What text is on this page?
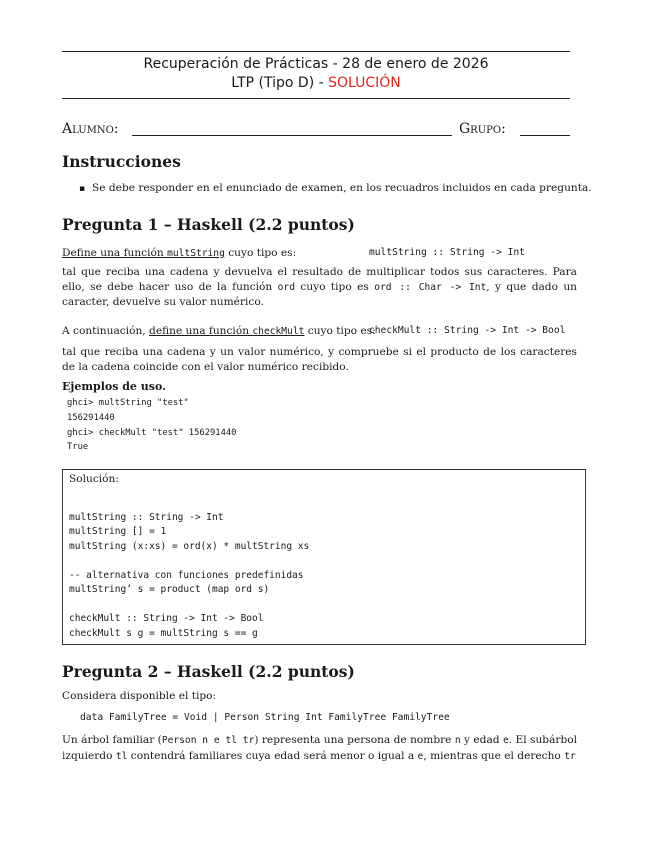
Recuperación de Prácticas - 28 de enero de 2026
LTP (Tipo D) - SOLUCIÓN
Alumno:	Grupo:
Instrucciones
▪ Se debe responder en el enunciado de examen, en los recuadros incluidos en cada pregunta.
Pregunta 1 – Haskell (2.2 puntos)
Define una función multString cuyo tipo es:	multString :: String -> Int
tal que reciba una cadena y devuelva el resultado de multiplicar todos sus caracteres. Para ello, se debe hacer uso de la función ord cuyo tipo es ord :: Char -> Int, y que dado un caracter, devuelve su valor numérico.
A continuación, define una función checkMult cuyo tipo es:
checkMult :: String -> Int -> Bool
tal que reciba una cadena y un valor numérico, y compruebe si el producto de los caracteres de la cadena coincide con el valor numérico recibido.
Ejemplos de uso.
ghci> multString "test"
156291440
ghci> checkMult "test" 156291440
True
Solución:

multString :: String -> Int
multString [] = 1
multString (x:xs) = ord(x) * multString xs
-- alternativa con funciones predefinidas
multString’ s = product (map ord s)
checkMult :: String -> Int -> Bool
checkMult s g = multString s == g

Pregunta 2 – Haskell (2.2 puntos)
Considera disponible el tipo:
data FamilyTree = Void | Person String Int FamilyTree FamilyTree
Un árbol familiar (Person n e tl tr) representa una persona de nombre n y edad e. El subárbol izquierdo tl contendrá familiares cuya edad será menor o igual a e, mientras que el derecho tr
